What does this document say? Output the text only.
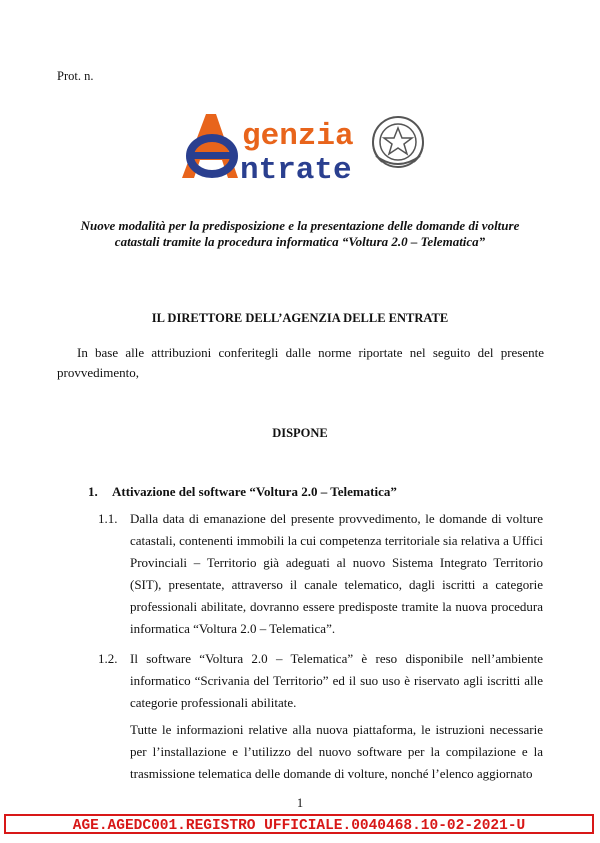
Prot. n.
genzia
ntrate
Nuove modalità per la predisposizione e la presentazione delle domande di volture
catastali tramite la procedura informatica “Voltura 2.0 – Telematica”
IL DIRETTORE DELL’AGENZIA DELLE ENTRATE
In base alle attribuzioni conferitegli dalle norme riportate nel seguito del presente provvedimento,
DISPONE
1. Attivazione del software “Voltura 2.0 – Telematica”
1.1. Dalla data di emanazione del presente provvedimento, le domande di volture catastali, contenenti immobili la cui competenza territoriale sia relativa a Uffici Provinciali – Territorio già adeguati al nuovo Sistema Integrato Territorio (SIT), presentate, attraverso il canale telematico, dagli iscritti a categorie professionali abilitate, dovranno essere predisposte tramite la nuova procedura informatica “Voltura 2.0 – Telematica”.
1.2. Il software “Voltura 2.0 – Telematica” è reso disponibile nell’ambiente informatico “Scrivania del Territorio” ed il suo uso è riservato agli iscritti alle categorie professionali abilitate.
Tutte le informazioni relative alla nuova piattaforma, le istruzioni necessarie per l’installazione e l’utilizzo del nuovo software per la compilazione e la trasmissione telematica delle domande di volture, nonché l’elenco aggiornato
1
AGE.AGEDC001.REGISTRO UFFICIALE.0040468.10-02-2021-U
